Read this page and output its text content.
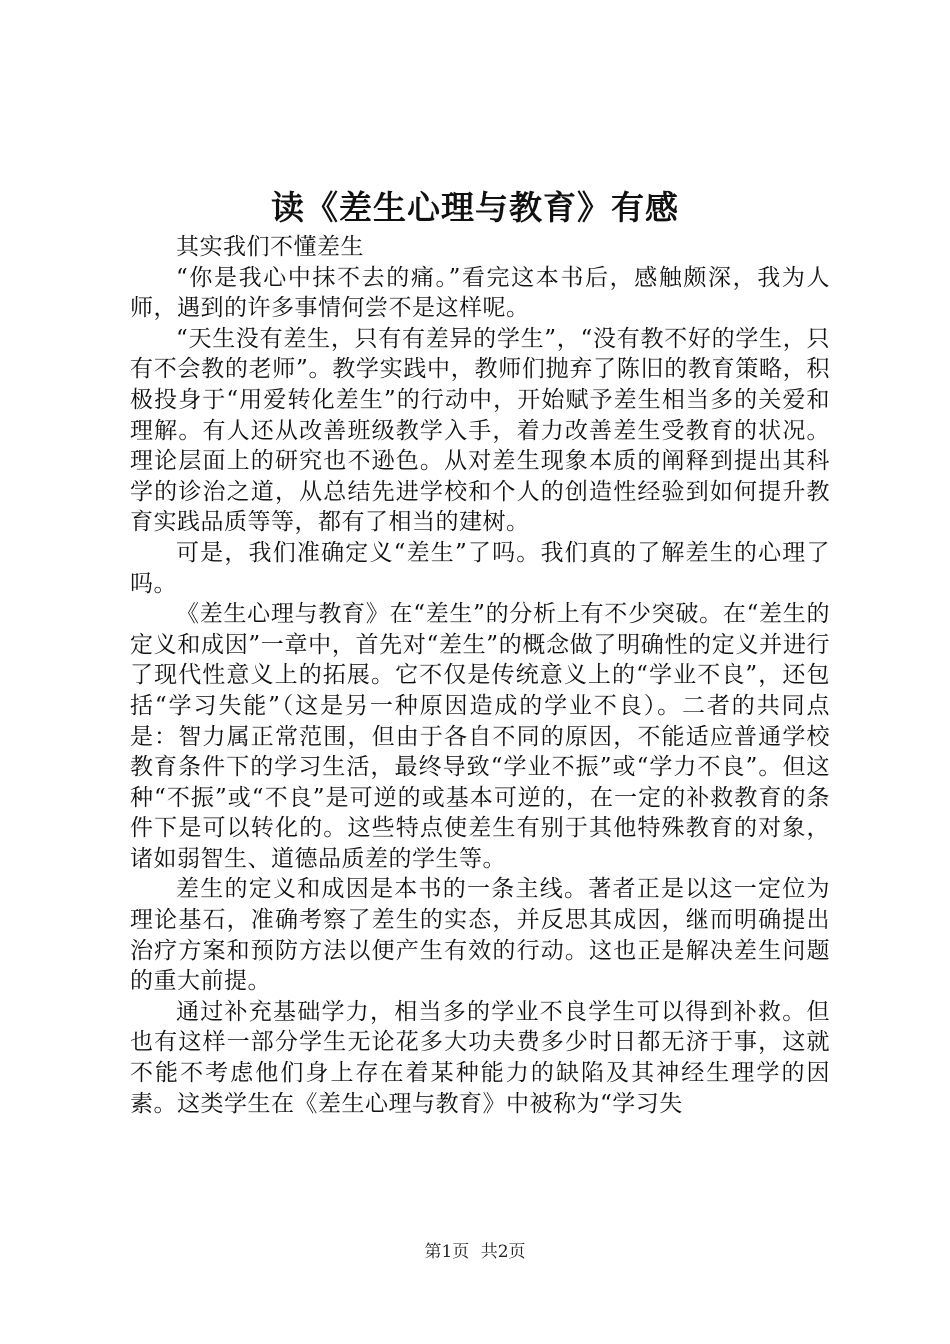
读《差生心理与教育》有感

其实我们不懂差生

“你是我心中抹不去的痛。”看完这本书后，感触颇深，我为人师，遇到的许多事情何尝不是这样呢。

“天生没有差生，只有有差异的学生”，“没有教不好的学生，只有不会教的老师”。教学实践中，教师们抛弃了陈旧的教育策略，积极投身于“用爱转化差生”的行动中，开始赋予差生相当多的关爱和理解。有人还从改善班级教学入手，着力改善差生受教育的状况。理论层面上的研究也不逊色。从对差生现象本质的阐释到提出其科学的诊治之道，从总结先进学校和个人的创造性经验到如何提升教育实践品质等等，都有了相当的建树。

可是，我们准确定义“差生”了吗。我们真的了解差生的心理了吗。

《差生心理与教育》在“差生”的分析上有不少突破。在“差生的定义和成因”一章中，首先对“差生”的概念做了明确性的定义并进行了现代性意义上的拓展。它不仅是传统意义上的“学业不良”，还包括“学习失能”（这是另一种原因造成的学业不良）。二者的共同点是：智力属正常范围，但由于各自不同的原因，不能适应普通学校教育条件下的学习生活，最终导致“学业不振”或“学力不良”。但这种“不振”或“不良”是可逆的或基本可逆的，在一定的补救教育的条件下是可以转化的。这些特点使差生有别于其他特殊教育的对象，诸如弱智生、道德品质差的学生等。

差生的定义和成因是本书的一条主线。著者正是以这一定位为理论基石，准确考察了差生的实态，并反思其成因，继而明确提出治疗方案和预防方法以便产生有效的行动。这也正是解决差生问题的重大前提。

通过补充基础学力，相当多的学业不良学生可以得到补救。但也有这样一部分学生无论花多大功夫费多少时日都无济于事，这就不能不考虑他们身上存在着某种能力的缺陷及其神经生理学的因素。这类学生在《差生心理与教育》中被称为“学习失

第1页 共2页
